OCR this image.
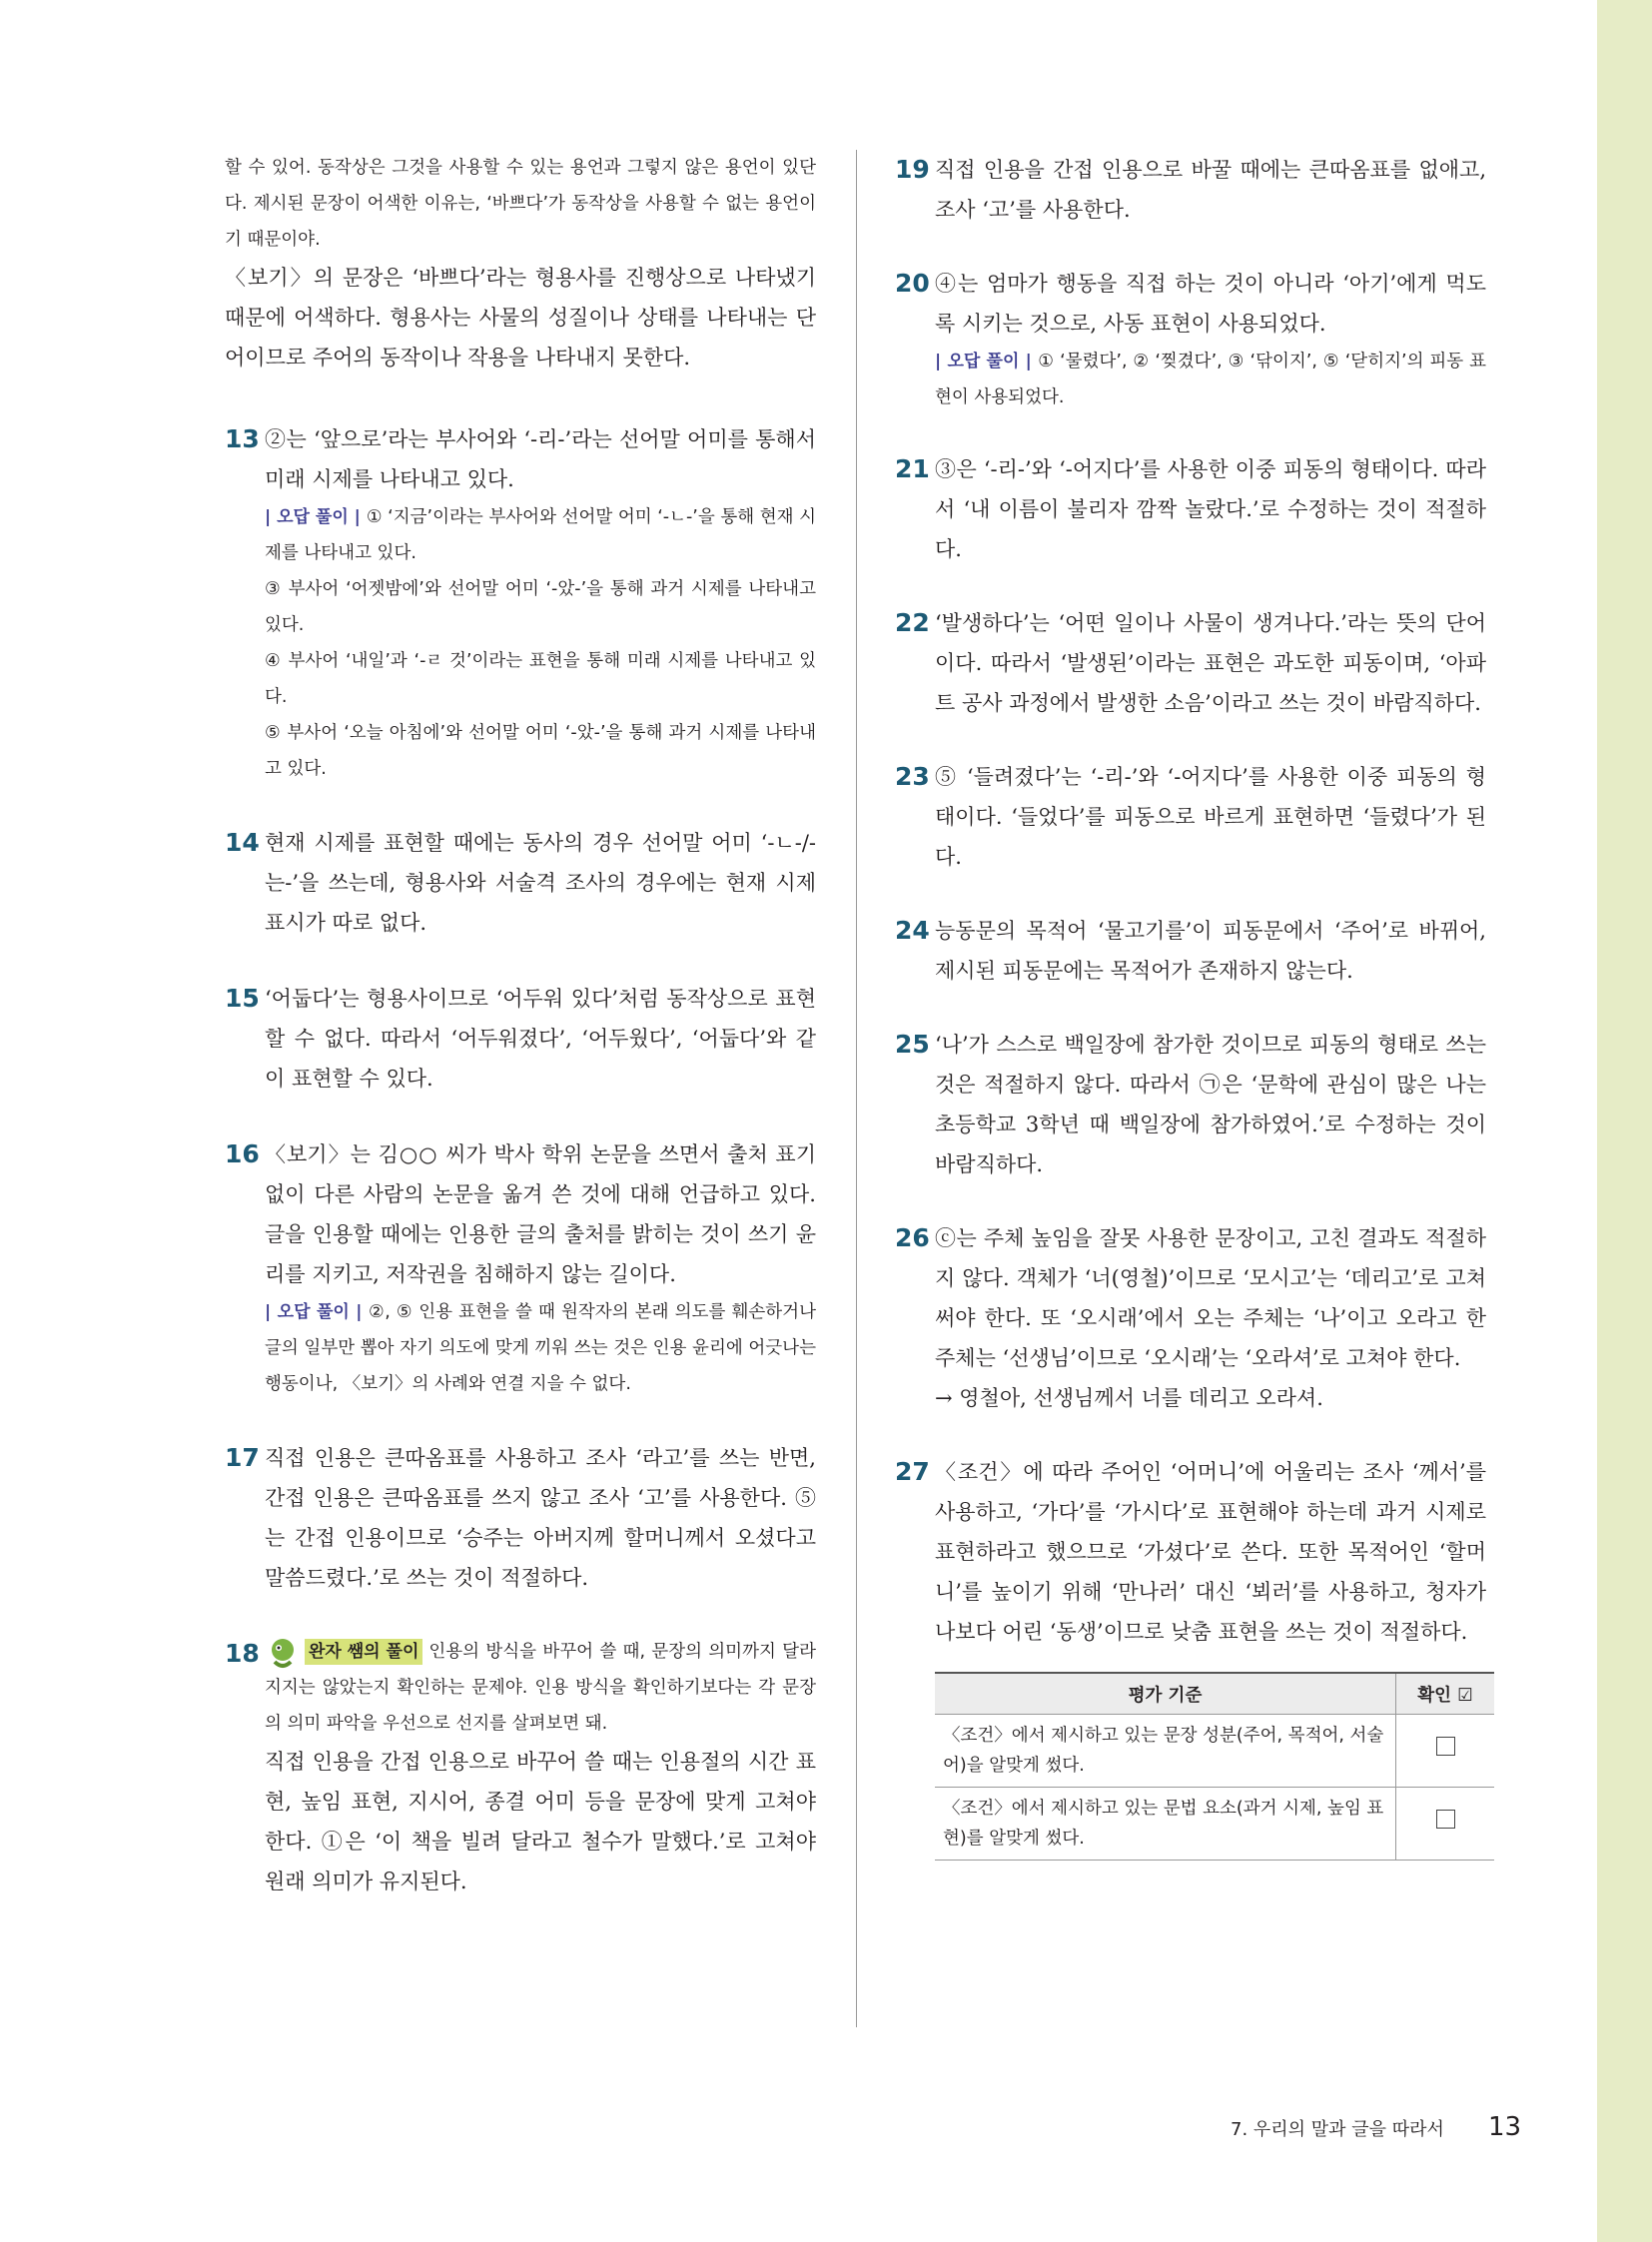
할 수 있어. 동작상은 그것을 사용할 수 있는 용언과 그렇지 않은 용언이 있단다. 제시된 문장이 어색한 이유는, ‘바쁘다’가 동작상을 사용할 수 없는 용언이기 때문이야.

〈보기〉의 문장은 ‘바쁘다’라는 형용사를 진행상으로 나타냈기 때문에 어색하다. 형용사는 사물의 성질이나 상태를 나타내는 단어이므로 주어의 동작이나 작용을 나타내지 못한다.

13 ②는 ‘앞으로’라는 부사어와 ‘-리-’라는 선어말 어미를 통해서 미래 시제를 나타내고 있다.

| 오답 풀이 | ① ‘지금’이라는 부사어와 선어말 어미 ‘-ㄴ-’을 통해 현재 시제를 나타내고 있다.

③ 부사어 ‘어젯밤에’와 선어말 어미 ‘-았-’을 통해 과거 시제를 나타내고 있다.

④ 부사어 ‘내일’과 ‘-ㄹ 것’이라는 표현을 통해 미래 시제를 나타내고 있다.

⑤ 부사어 ‘오늘 아침에’와 선어말 어미 ‘-았-’을 통해 과거 시제를 나타내고 있다.

14 현재 시제를 표현할 때에는 동사의 경우 선어말 어미 ‘-ㄴ-/-는-’을 쓰는데, 형용사와 서술격 조사의 경우에는 현재 시제 표시가 따로 없다.

15 ‘어둡다’는 형용사이므로 ‘어두워 있다’처럼 동작상으로 표현할 수 없다. 따라서 ‘어두워졌다’, ‘어두웠다’, ‘어둡다’와 같이 표현할 수 있다.

16 〈보기〉는 김○○ 씨가 박사 학위 논문을 쓰면서 출처 표기 없이 다른 사람의 논문을 옮겨 쓴 것에 대해 언급하고 있다. 글을 인용할 때에는 인용한 글의 출처를 밝히는 것이 쓰기 윤리를 지키고, 저작권을 침해하지 않는 길이다.

| 오답 풀이 | ②, ⑤ 인용 표현을 쓸 때 원작자의 본래 의도를 훼손하거나 글의 일부만 뽑아 자기 의도에 맞게 끼워 쓰는 것은 인용 윤리에 어긋나는 행동이나, 〈보기〉의 사례와 연결 지을 수 없다.

17 직접 인용은 큰따옴표를 사용하고 조사 ‘라고’를 쓰는 반면, 간접 인용은 큰따옴표를 쓰지 않고 조사 ‘고’를 사용한다. ⑤는 간접 인용이므로 ‘승주는 아버지께 할머니께서 오셨다고 말씀드렸다.’로 쓰는 것이 적절하다.

18	완자 쌤의 풀이 인용의 방식을 바꾸어 쓸 때, 문장의 의미까지 달라지지는 않았는지 확인하는 문제야. 인용 방식을 확인하기보다는 각 문장의 의미 파악을 우선으로 선지를 살펴보면 돼.

직접 인용을 간접 인용으로 바꾸어 쓸 때는 인용절의 시간 표현, 높임 표현, 지시어, 종결 어미 등을 문장에 맞게 고쳐야 한다. ①은 ‘이 책을 빌려 달라고 철수가 말했다.’로 고쳐야 원래 의미가 유지된다.

19 직접 인용을 간접 인용으로 바꿀 때에는 큰따옴표를 없애고, 조사 ‘고’를 사용한다.

20 ④는 엄마가 행동을 직접 하는 것이 아니라 ‘아기’에게 먹도록 시키는 것으로, 사동 표현이 사용되었다.

| 오답 풀이 | ① ‘물렸다’, ② ‘찢겼다’, ③ ‘닦이지’, ⑤ ‘닫히지’의 피동 표현이 사용되었다.

21 ③은 ‘-리-’와 ‘-어지다’를 사용한 이중 피동의 형태이다. 따라서 ‘내 이름이 불리자 깜짝 놀랐다.’로 수정하는 것이 적절하다.

22 ‘발생하다’는 ‘어떤 일이나 사물이 생겨나다.’라는 뜻의 단어이다. 따라서 ‘발생된’이라는 표현은 과도한 피동이며, ‘아파트 공사 과정에서 발생한 소음’이라고 쓰는 것이 바람직하다.

23 ⑤ ‘들려졌다’는 ‘-리-’와 ‘-어지다’를 사용한 이중 피동의 형태이다. ‘들었다’를 피동으로 바르게 표현하면 ‘들렸다’가 된다.

24 능동문의 목적어 ‘물고기를’이 피동문에서 ‘주어’로 바뀌어, 제시된 피동문에는 목적어가 존재하지 않는다.

25 ‘나’가 스스로 백일장에 참가한 것이므로 피동의 형태로 쓰는 것은 적절하지 않다. 따라서 ㉠은 ‘문학에 관심이 많은 나는 초등학교 3학년 때 백일장에 참가하였어.’로 수정하는 것이 바람직하다.

26 ⓒ는 주체 높임을 잘못 사용한 문장이고, 고친 결과도 적절하지 않다. 객체가 ‘너(영철)’이므로 ‘모시고’는 ‘데리고’로 고쳐 써야 한다. 또 ‘오시래’에서 오는 주체는 ‘나’이고 오라고 한 주체는 ‘선생님’이므로 ‘오시래’는 ‘오라셔’로 고쳐야 한다.

→ 영철아, 선생님께서 너를 데리고 오라셔.

27 〈조건〉에 따라 주어인 ‘어머니’에 어울리는 조사 ‘께서’를 사용하고, ‘가다’를 ‘가시다’로 표현해야 하는데 과거 시제로 표현하라고 했으므로 ‘가셨다’로 쓴다. 또한 목적어인 ‘할머니’를 높이기 위해 ‘만나러’ 대신 ‘뵈러’를 사용하고, 청자가 나보다 어린 ‘동생’이므로 낮춤 표현을 쓰는 것이 적절하다.

평가 기준	확인 ☑
〈조건〉에서 제시하고 있는 문장 성분(주어, 목적어, 서술어)을 알맞게 썼다.	
〈조건〉에서 제시하고 있는 문법 요소(과거 시제, 높임 표현)를 알맞게 썼다.	
7. 우리의 말과 글을 따라서 13
